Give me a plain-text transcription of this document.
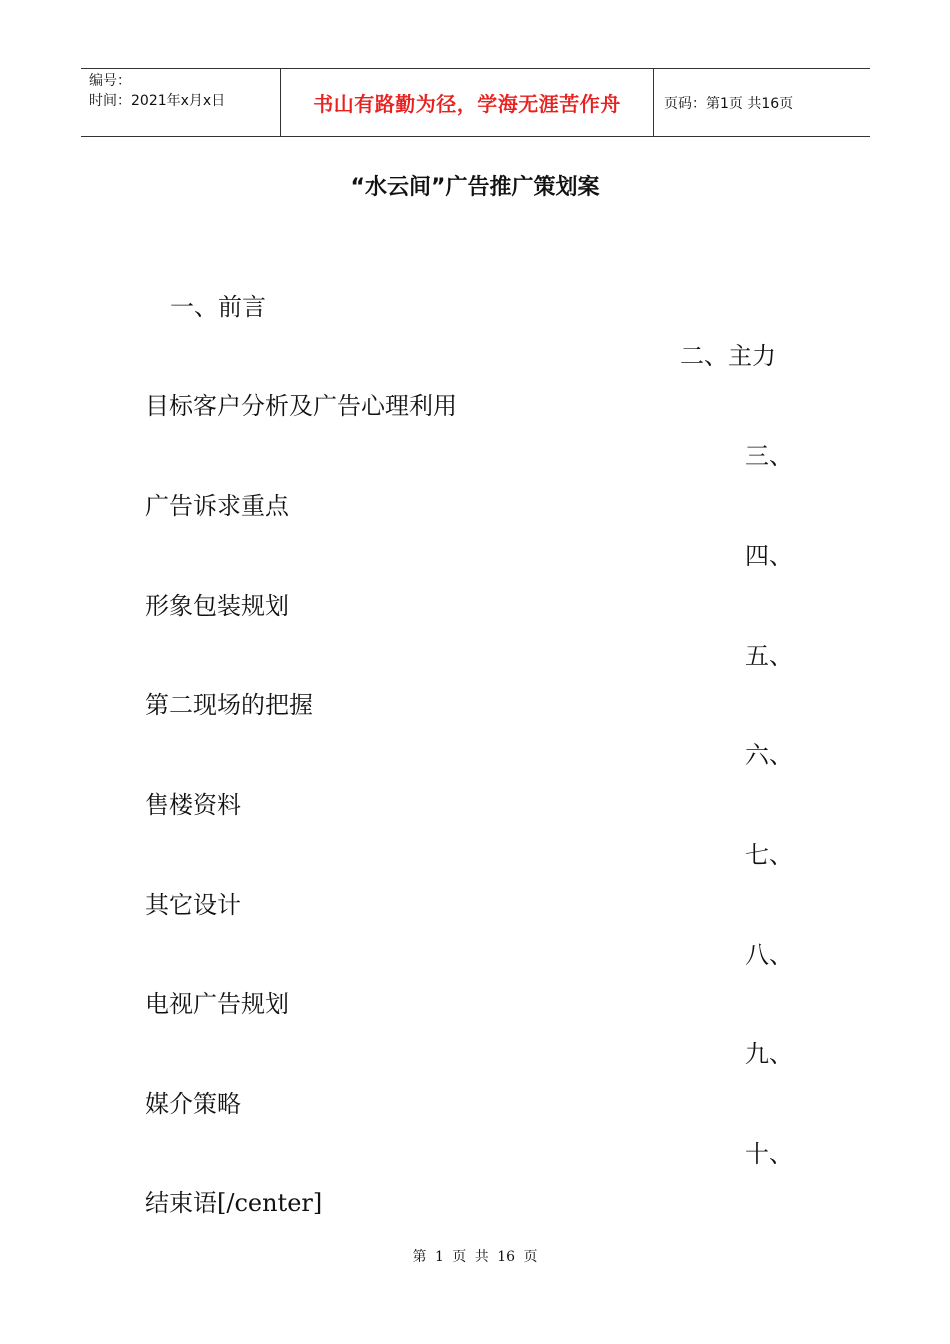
编号：
时间：2021年x月x日	书山有路勤为径，学海无涯苦作舟	页码：第1页 共16页
“水云间”广告推广策划案
一、前言
二、主力
目标客户分析及广告心理利用
三、
广告诉求重点
四、
形象包装规划
五、
第二现场的把握
六、
售楼资料
七、
其它设计
八、
电视广告规划
九、
媒介策略
十、
结束语[/center]
第 1 页 共 16 页
